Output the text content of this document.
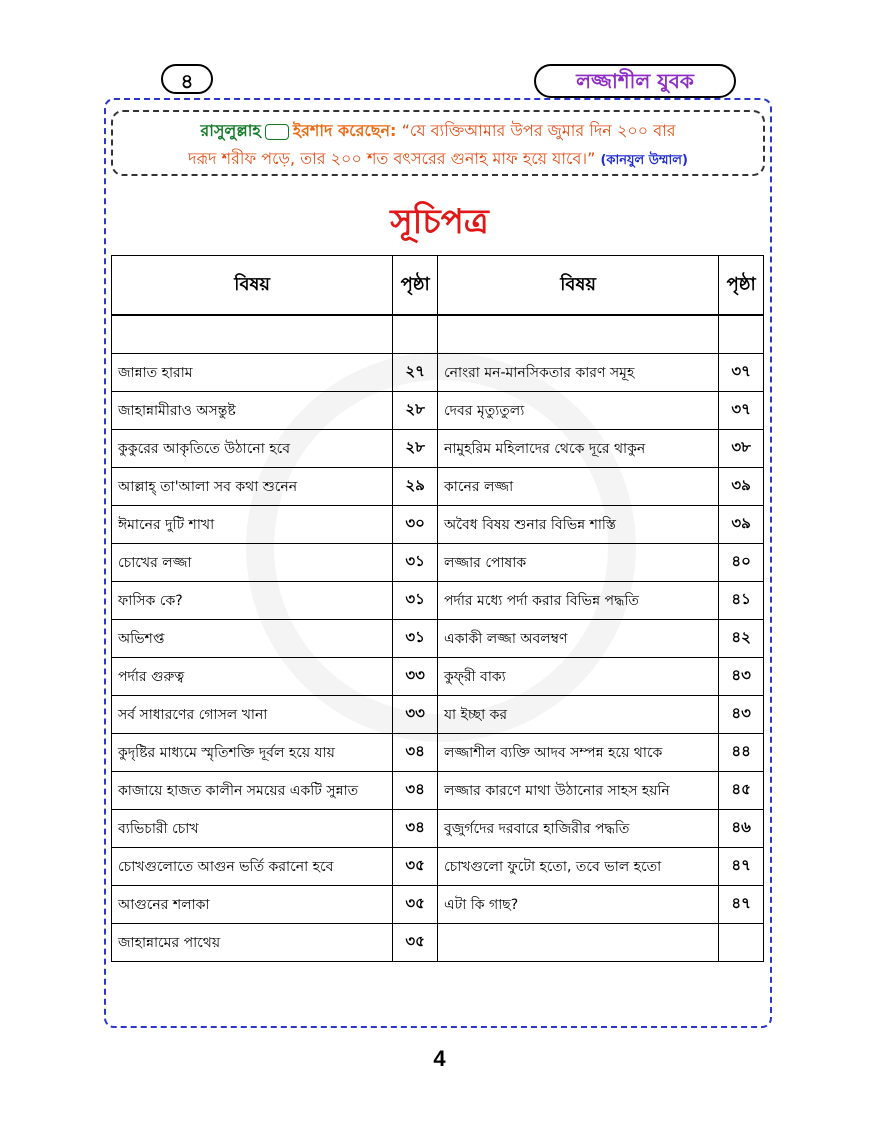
৪	লজ্জাশীল যুবক
রাসুলুল্লাহ ইরশাদ করেছেন: “যে ব্যক্তিআমার উপর জুমার দিন ২০০ বার
দরূদ শরীফ পড়ে, তার ২০০ শত বৎসরের গুনাহ মাফ হয়ে যাবে।” (কানযুল উম্মাল)
সূচিপত্র
বিষয়	পৃষ্ঠা	বিষয়	পৃষ্ঠা

জান্নাত হারাম	২৭	নোংরা মন-মানসিকতার কারণ সমূহ	৩৭
জাহান্নামীরাও অসন্তুষ্ট	২৮	দেবর মৃত্যুতুল্য	৩৭
কুকুরের আকৃতিতে উঠানো হবে	২৮	নামুহরিম মহিলাদের থেকে দূরে থাকুন	৩৮
আল্লাহ্ তা'আলা সব কথা শুনেন	২৯	কানের লজ্জা	৩৯
ঈমানের দুটি শাখা	৩০	অবৈধ বিষয় শুনার বিভিন্ন শাস্তি	৩৯
চোখের লজ্জা	৩১	লজ্জার পোষাক	৪০
ফাসিক কে?	৩১	পর্দার মধ্যে পর্দা করার বিভিন্ন পদ্ধতি	৪১
অভিশপ্ত	৩১	একাকী লজ্জা অবলম্বণ	৪২
পর্দার গুরুত্ব	৩৩	কুফ্‌রী বাক্য	৪৩
সর্ব সাধারণের গোসল খানা	৩৩	যা ইচ্ছা কর	৪৩
কুদৃষ্টির মাধ্যমে স্মৃতিশক্তি দূর্বল হয়ে যায়	৩৪	লজ্জাশীল ব্যক্তি আদব সম্পন্ন হয়ে থাকে	৪৪
কাজায়ে হাজত কালীন সময়ের একটি সুন্নাত	৩৪	লজ্জার কারণে মাথা উঠানোর সাহস হয়নি	৪৫
ব্যভিচারী চোখ	৩৪	বুজুর্গদের দরবারে হাজিরীর পদ্ধতি	৪৬
চোখগুলোতে আগুন ভর্তি করানো হবে	৩৫	চোখগুলো ফুটো হতো, তবে ভাল হতো	৪৭
আগুনের শলাকা	৩৫	এটা কি গাছ?	৪৭
জাহান্নামের পাথেয়	৩৫		
4
